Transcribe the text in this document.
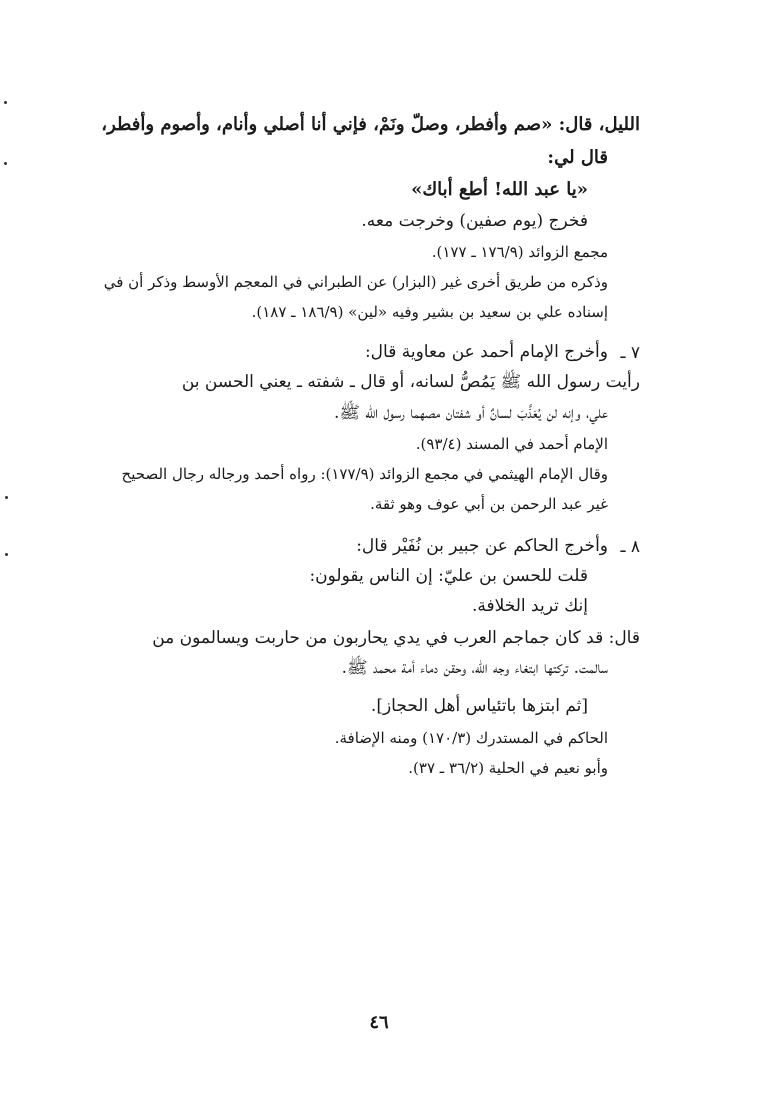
الليل، قال: «صم وأفطر، وصلّ ونَمْ، فإني أنا أصلي وأنام، وأصوم وأفطر،
قال لي:
«يا عبد الله! أطع أباك»
فخرج (يوم صفين) وخرجت معه.
مجمع الزوائد (١٧٦/٩ ـ ١٧٧).
وذكره من طريق أخرى غير (البزار) عن الطبراني في المعجم الأوسط وذكر أن في
إسناده علي بن سعيد بن بشير وفيه «لين» (١٨٦/٩ ـ ١٨٧).
٧ ـ
وأخرج الإمام أحمد عن معاوية قال:
رأيت رسول الله ﷺ يَمُصُّ لسانه، أو قال ـ شفته ـ يعني الحسن بن
علي، وإنه لن يُعَذَّبَ لسانٌ أو شفتان مصهما رسول الله ﷺ.
الإمام أحمد في المسند (٩٣/٤).
وقال الإمام الهيثمي في مجمع الزوائد (١٧٧/٩): رواه أحمد ورجاله رجال الصحيح
غير عبد الرحمن بن أبي عوف وهو ثقة.
٨ ـ
وأخرج الحاكم عن جبير بن نُفَيْر قال:
قلت للحسن بن عليّ: إن الناس يقولون:
إنك تريد الخلافة.
قال: قد كان جماجم العرب في يدي يحاربون من حاربت ويسالمون من
سالمت. تركتها ابتغاء وجه الله، وحقن دماء أمة محمد ﷺ.
[ثم ابتزها باتئياس أهل الحجاز].
الحاكم في المستدرك (١٧٠/٣) ومنه الإضافة.
وأبو نعيم في الحلية (٣٦/٢ ـ ٣٧).
٤٦
